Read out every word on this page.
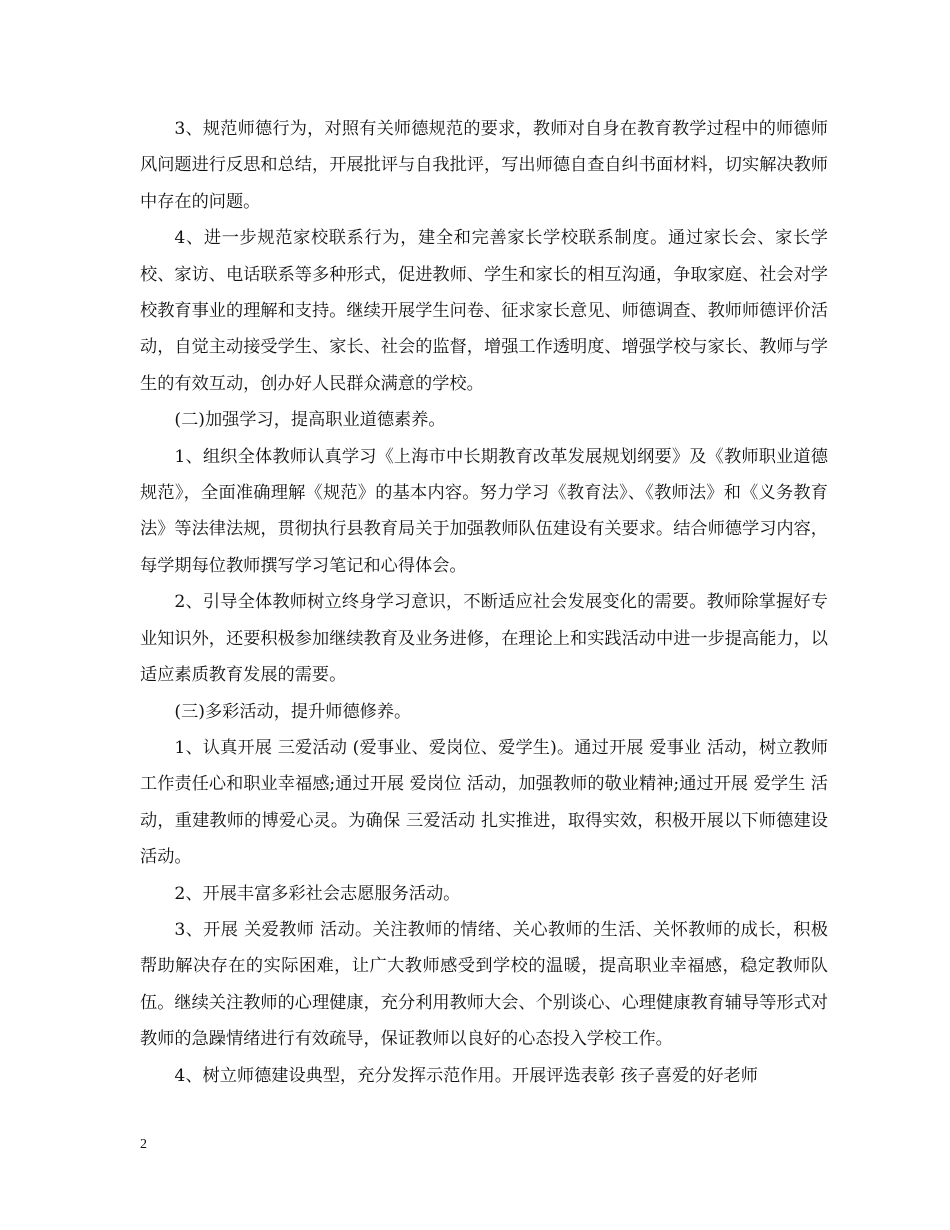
3、规范师德行为，对照有关师德规范的要求，教师对自身在教育教学过程中的师德师风问题进行反思和总结，开展批评与自我批评，写出师德自查自纠书面材料，切实解决教师中存在的问题。

4、进一步规范家校联系行为，建全和完善家长学校联系制度。通过家长会、家长学校、家访、电话联系等多种形式，促进教师、学生和家长的相互沟通，争取家庭、社会对学校教育事业的理解和支持。继续开展学生问卷、征求家长意见、师德调查、教师师德评价活动，自觉主动接受学生、家长、社会的监督，增强工作透明度、增强学校与家长、教师与学生的有效互动，创办好人民群众满意的学校。

(二)加强学习，提高职业道德素养。

1、组织全体教师认真学习《上海市中长期教育改革发展规划纲要》及《教师职业道德规范》，全面准确理解《规范》的基本内容。努力学习《教育法》、《教师法》和《义务教育法》等法律法规，贯彻执行县教育局关于加强教师队伍建设有关要求。结合师德学习内容，每学期每位教师撰写学习笔记和心得体会。

2、引导全体教师树立终身学习意识，不断适应社会发展变化的需要。教师除掌握好专业知识外，还要积极参加继续教育及业务进修，在理论上和实践活动中进一步提高能力，以适应素质教育发展的需要。

(三)多彩活动，提升师德修养。

1、认真开展 三爱活动 (爱事业、爱岗位、爱学生)。通过开展 爱事业 活动，树立教师工作责任心和职业幸福感;通过开展 爱岗位 活动，加强教师的敬业精神;通过开展 爱学生 活动，重建教师的博爱心灵。为确保 三爱活动 扎实推进，取得实效，积极开展以下师德建设活动。

2、开展丰富多彩社会志愿服务活动。

3、开展 关爱教师 活动。关注教师的情绪、关心教师的生活、关怀教师的成长，积极帮助解决存在的实际困难，让广大教师感受到学校的温暖，提高职业幸福感，稳定教师队伍。继续关注教师的心理健康，充分利用教师大会、个别谈心、心理健康教育辅导等形式对教师的急躁情绪进行有效疏导，保证教师以良好的心态投入学校工作。

4、树立师德建设典型，充分发挥示范作用。开展评选表彰 孩子喜爱的好老师

2
